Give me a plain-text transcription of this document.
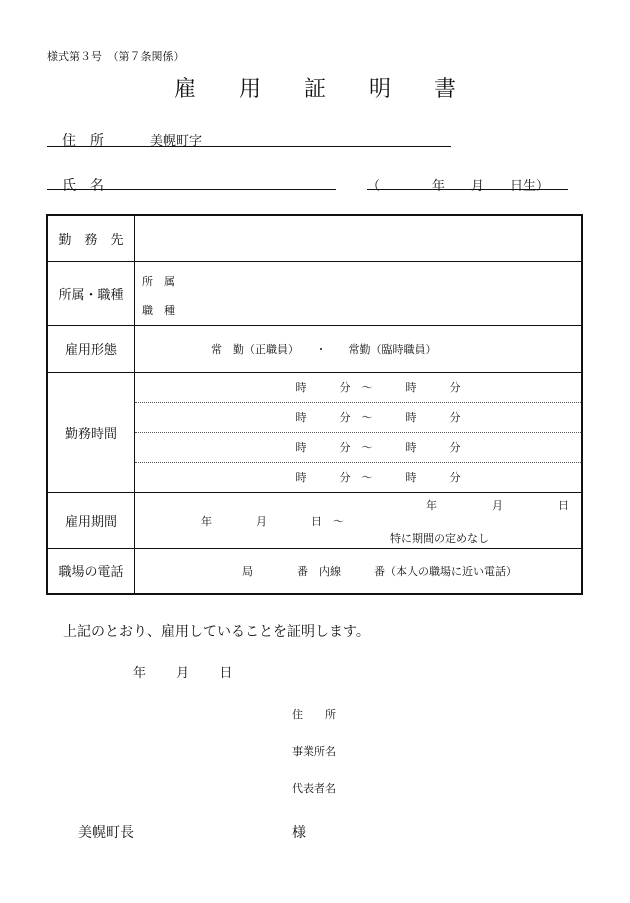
様式第３号　（第７条関係）
雇 用 証 明 書
住　所	美幌町字
氏　名	（　　　　年　　月　　日生）
勤　務　先	
所属・職種	所　属
職　種

雇用形態	常　勤（正職員）　　・　　常勤（臨時職員）

勤務時間	時　　　分　～　　　時　　　分
時　　　分　～　　　時　　　分
時　　　分　～　　　時　　　分
時　　　分　～　　　時　　　分

雇用期間	年　　　　　月　　　　　日
年　　　　月　　　　日　～
特に期間の定めなし

職場の電話	局　　　　番　内線　　　番（本人の職場に近い電話）
上記のとおり、雇用していることを証明します。
年 月 日
住　　所
事業所名
代表者名
美幌町長	様
